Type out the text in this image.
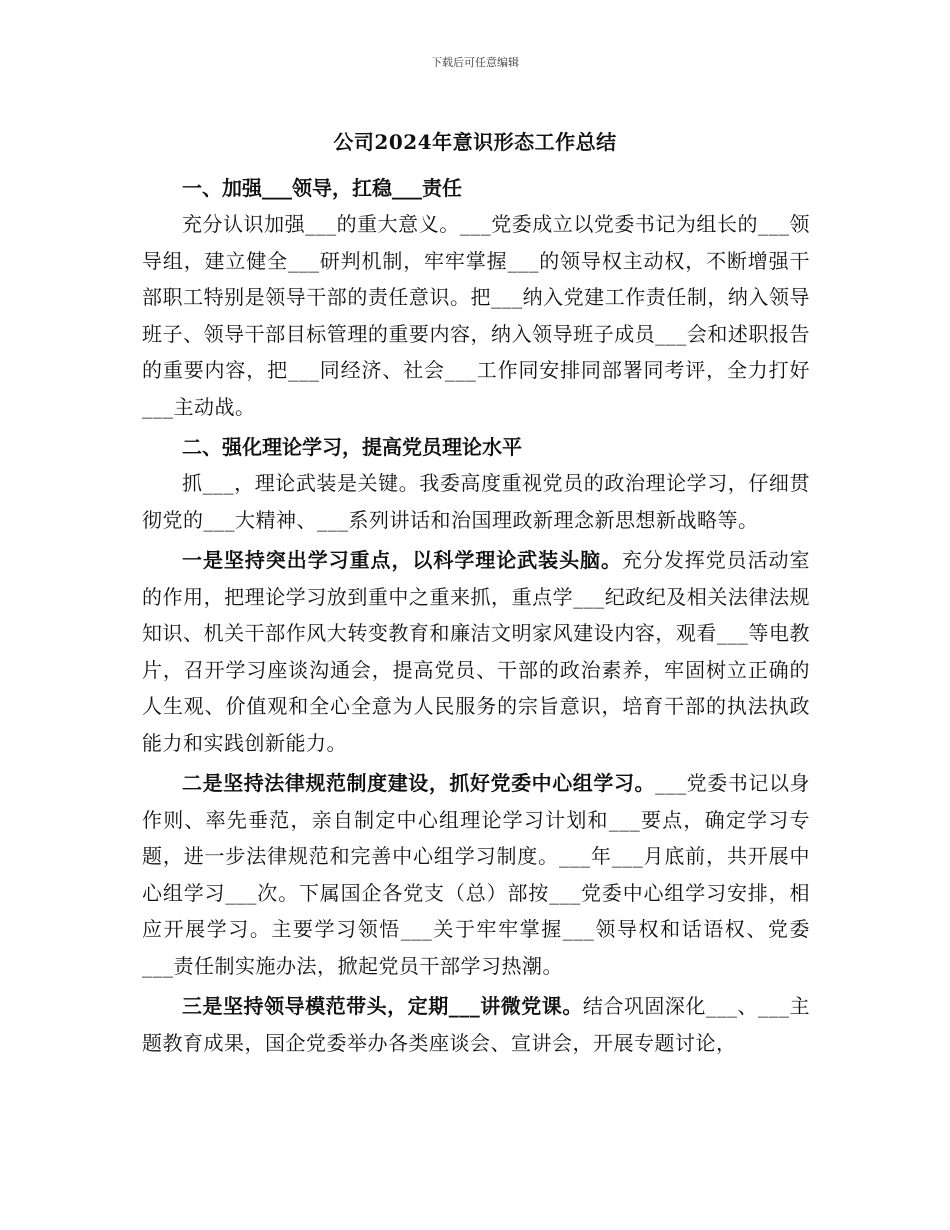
下载后可任意编辑
公司2024年意识形态工作总结

一、加强___领导，扛稳___责任

充分认识加强___的重大意义。___党委成立以党委书记为组长的___领导组，建立健全___研判机制，牢牢掌握___的领导权主动权，不断增强干部职工特别是领导干部的责任意识。把___纳入党建工作责任制，纳入领导班子、领导干部目标管理的重要内容，纳入领导班子成员___会和述职报告的重要内容，把___同经济、社会___工作同安排同部署同考评，全力打好___主动战。

二、强化理论学习，提高党员理论水平

抓___，理论武装是关键。我委高度重视党员的政治理论学习，仔细贯彻党的___大精神、___系列讲话和治国理政新理念新思想新战略等。

一是坚持突出学习重点，以科学理论武装头脑。充分发挥党员活动室的作用，把理论学习放到重中之重来抓，重点学___纪政纪及相关法律法规知识、机关干部作风大转变教育和廉洁文明家风建设内容，观看___等电教片，召开学习座谈沟通会，提高党员、干部的政治素养，牢固树立正确的人生观、价值观和全心全意为人民服务的宗旨意识，培育干部的执法执政能力和实践创新能力。

二是坚持法律规范制度建设，抓好党委中心组学习。___党委书记以身作则、率先垂范，亲自制定中心组理论学习计划和___要点，确定学习专题，进一步法律规范和完善中心组学习制度。___年___月底前，共开展中心组学习___次。下属国企各党支（总）部按___党委中心组学习安排，相应开展学习。主要学习领悟___关于牢牢掌握___领导权和话语权、党委___责任制实施办法，掀起党员干部学习热潮。

三是坚持领导模范带头，定期___讲微党课。结合巩固深化___、___主题教育成果，国企党委举办各类座谈会、宣讲会，开展专题讨论，
